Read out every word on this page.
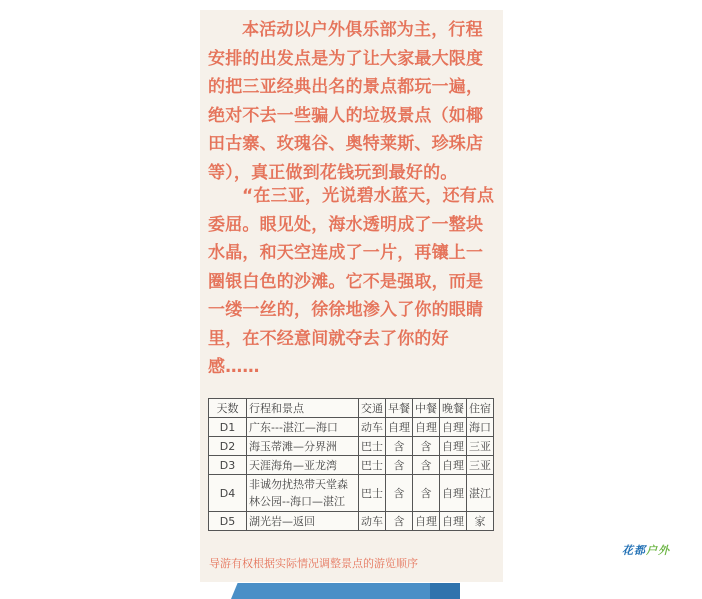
本活动以户外俱乐部为主，行程安排的出发点是为了让大家最大限度的把三亚经典出名的景点都玩一遍，绝对不去一些骗人的垃圾景点（如椰田古寨、玫瑰谷、奥特莱斯、珍珠店等），真正做到花钱玩到最好的。

“在三亚，光说碧水蓝天，还有点委屈。眼见处，海水透明成了一整块水晶，和天空连成了一片，再镶上一圈银白色的沙滩。它不是强取，而是一缕一丝的，徐徐地渗入了你的眼睛里，在不经意间就夺去了你的好感……

天数	行程和景点	交通	早餐	中餐	晚餐	住宿
D1	广东---湛江—海口	动车	自理	自理	自理	海口
D2	海玉蒂滩—分界洲	巴士	含	含	自理	三亚
D3	天涯海角—亚龙湾	巴士	含	含	自理	三亚
D4	非诚勿扰热带天堂森林公园--海口—湛江	巴士	含	含	自理	湛江
D5	湖光岩—返回	动车	含	自理	自理	家
导游有权根据实际情况调整景点的游览顺序
花都户外
